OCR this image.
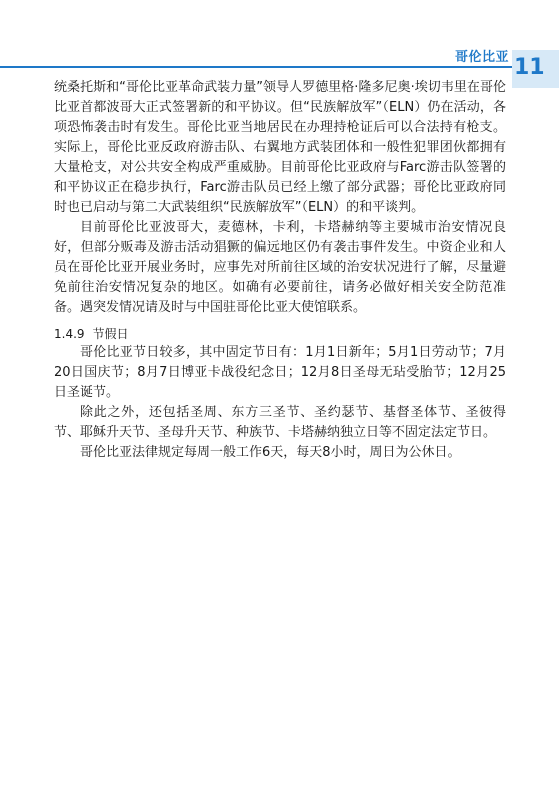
哥伦比亚 11

统桑托斯和“哥伦比亚革命武装力量”领导人罗德里格·隆多尼奥·埃切韦里在哥伦比亚首都波哥大正式签署新的和平协议。但“民族解放军”（ELN）仍在活动，各项恐怖袭击时有发生。哥伦比亚当地居民在办理持枪证后可以合法持有枪支。实际上，哥伦比亚反政府游击队、右翼地方武装团体和一般性犯罪团伙都拥有大量枪支，对公共安全构成严重威胁。目前哥伦比亚政府与Farc游击队签署的和平协议正在稳步执行，Farc游击队员已经上缴了部分武器；哥伦比亚政府同时也已启动与第二大武装组织“民族解放军”（ELN）的和平谈判。

目前哥伦比亚波哥大，麦德林，卡利，卡塔赫纳等主要城市治安情况良好，但部分贩毒及游击活动猖獗的偏远地区仍有袭击事件发生。中资企业和人员在哥伦比亚开展业务时，应事先对所前往区域的治安状况进行了解，尽量避免前往治安情况复杂的地区。如确有必要前往，请务必做好相关安全防范准备。遇突发情况请及时与中国驻哥伦比亚大使馆联系。

1.4.9 节假日

哥伦比亚节日较多，其中固定节日有：1月1日新年；5月1日劳动节；7月20日国庆节；8月7日博亚卡战役纪念日；12月8日圣母无玷受胎节；12月25日圣诞节。

除此之外，还包括圣周、东方三圣节、圣约瑟节、基督圣体节、圣彼得节、耶稣升天节、圣母升天节、种族节、卡塔赫纳独立日等不固定法定节日。

哥伦比亚法律规定每周一般工作6天，每天8小时，周日为公休日。
